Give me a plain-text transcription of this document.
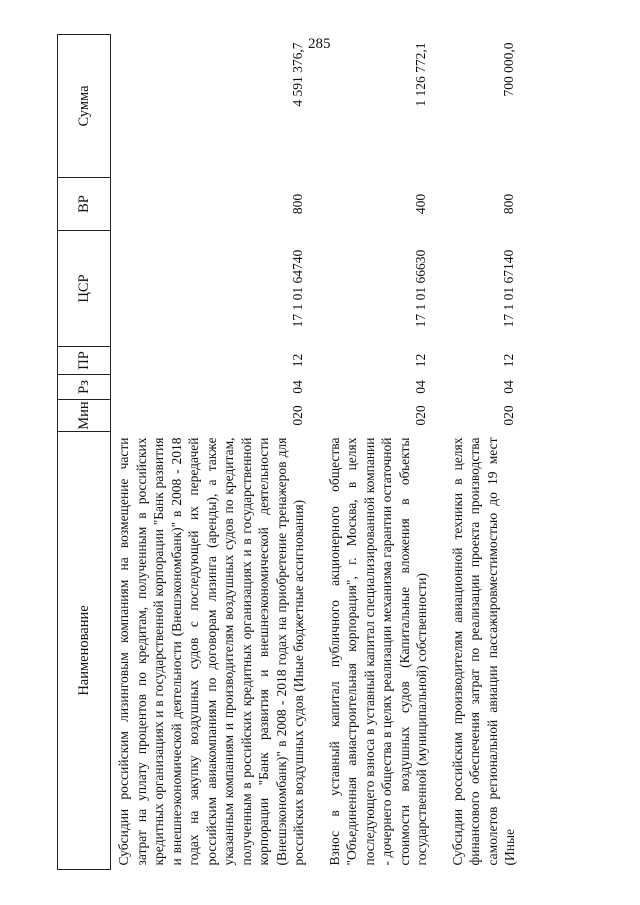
285
Наименование	Мин	Рз	ПР	ЦСР	ВР	Сумма
Субсидии российским лизинговым компаниям на возмещение части затрат на уплату процентов по кредитам, полученным в российских кредитных организациях и в государственной корпорации "Банк развития и внешнеэкономической деятельности (Внешэкономбанк)" в 2008 - 2018 годах на закупку воздушных судов с последующей их передачей российским авиакомпаниям по договорам лизинга (аренды), а также указанным компаниям и производителям воздушных судов по кредитам, полученным в российских кредитных организациях и в государственной корпорации "Банк развития и внешнеэкономической деятельности (Внешэкономбанк)" в 2008 - 2018 годах на приобретение тренажеров для российских воздушных судов (Иные бюджетные ассигнования)	020	04	12	17 1 01 64740	800	4 591 376,7

Взнос в уставный капитал публичного акционерного общества "Объединенная авиастроительная корпорация", г. Москва, в целях последующего взноса в уставный капитал специализированной компании - дочернего общества в целях реализации механизма гарантии остаточной стоимости воздушных судов (Капитальные вложения в объекты государственной (муниципальной) собственности)	020	04	12	17 1 01 66630	400	1 126 772,1

Субсидии российским производителям авиационной техники в целях финансового обеспечения затрат по реализации проекта производства самолетов региональной авиации пассажировместимостью до 19 мест (Иные	020	04	12	17 1 01 67140	800	700 000,0
